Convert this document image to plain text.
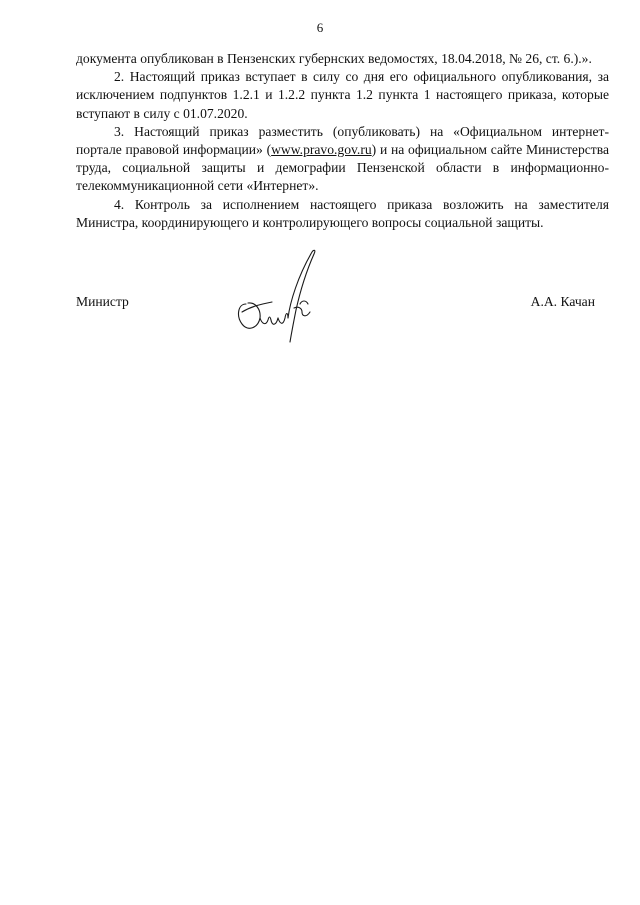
6

документа опубликован в Пензенских губернских ведомостях, 18.04.2018, № 26, ст. 6.).».

2. Настоящий приказ вступает в силу со дня его официального опубликования, за исключением подпунктов 1.2.1 и 1.2.2 пункта 1.2 пункта 1 настоящего приказа, которые вступают в силу с 01.07.2020.

3. Настоящий приказ разместить (опубликовать) на «Официальном интернет-портале правовой информации» (www.pravo.gov.ru) и на официальном сайте Министерства труда, социальной защиты и демографии Пензенской области в информационно-телекоммуникационной сети «Интернет».

4. Контроль за исполнением настоящего приказа возложить на заместителя Министра, координирующего и контролирующего вопросы социальной защиты.

Министр	А.А. Качан
